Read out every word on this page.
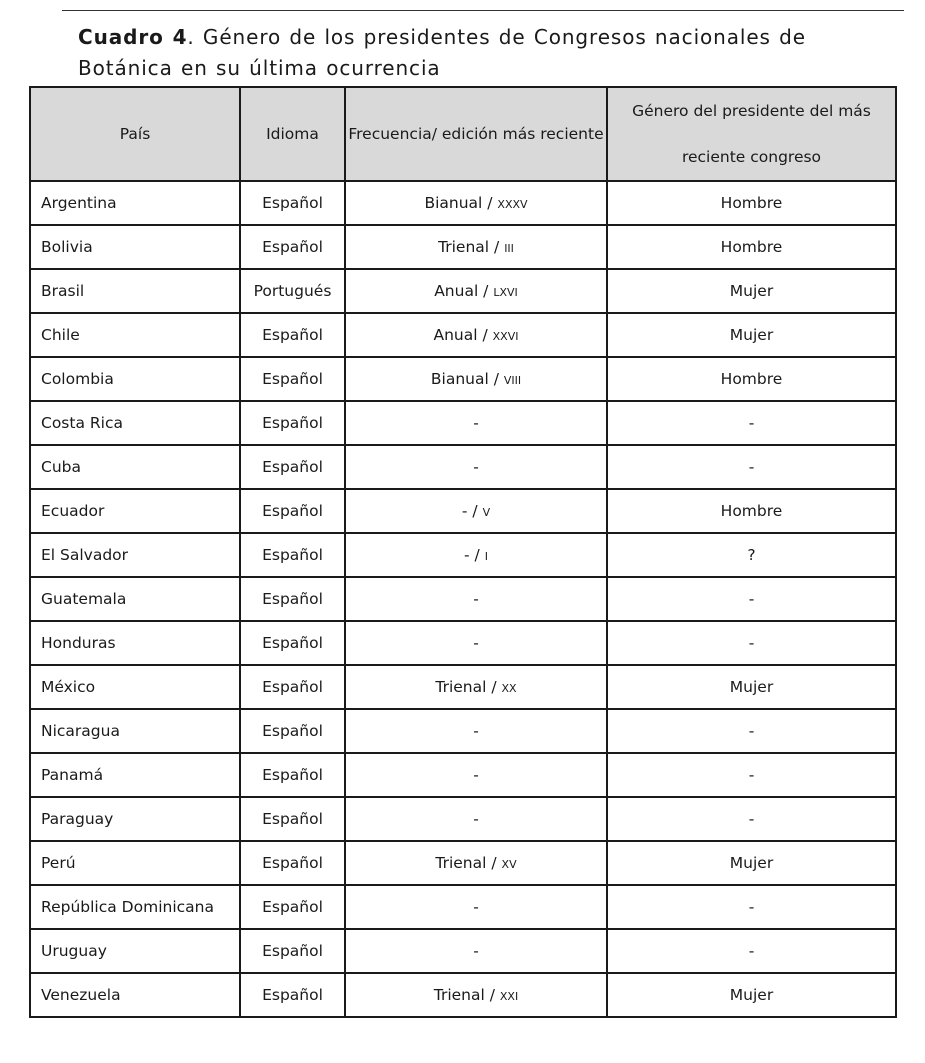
Cuadro 4. Género de los presidentes de Congresos nacionales de Botánica en su última ocurrencia
País	Idioma	Frecuencia/ edición más reciente	Género del presidente del más reciente congreso
Argentina	Español	Bianual / xxxv	Hombre
Bolivia	Español	Trienal / iii	Hombre
Brasil	Portugués	Anual / lxvi	Mujer
Chile	Español	Anual / xxvi	Mujer
Colombia	Español	Bianual / viii	Hombre
Costa Rica	Español	-	-
Cuba	Español	-	-
Ecuador	Español	- / v	Hombre
El Salvador	Español	- / i	?
Guatemala	Español	-	-
Honduras	Español	-	-
México	Español	Trienal / xx	Mujer
Nicaragua	Español	-	-
Panamá	Español	-	-
Paraguay	Español	-	-
Perú	Español	Trienal / xv	Mujer
República Dominicana	Español	-	-
Uruguay	Español	-	-
Venezuela	Español	Trienal / xxi	Mujer
